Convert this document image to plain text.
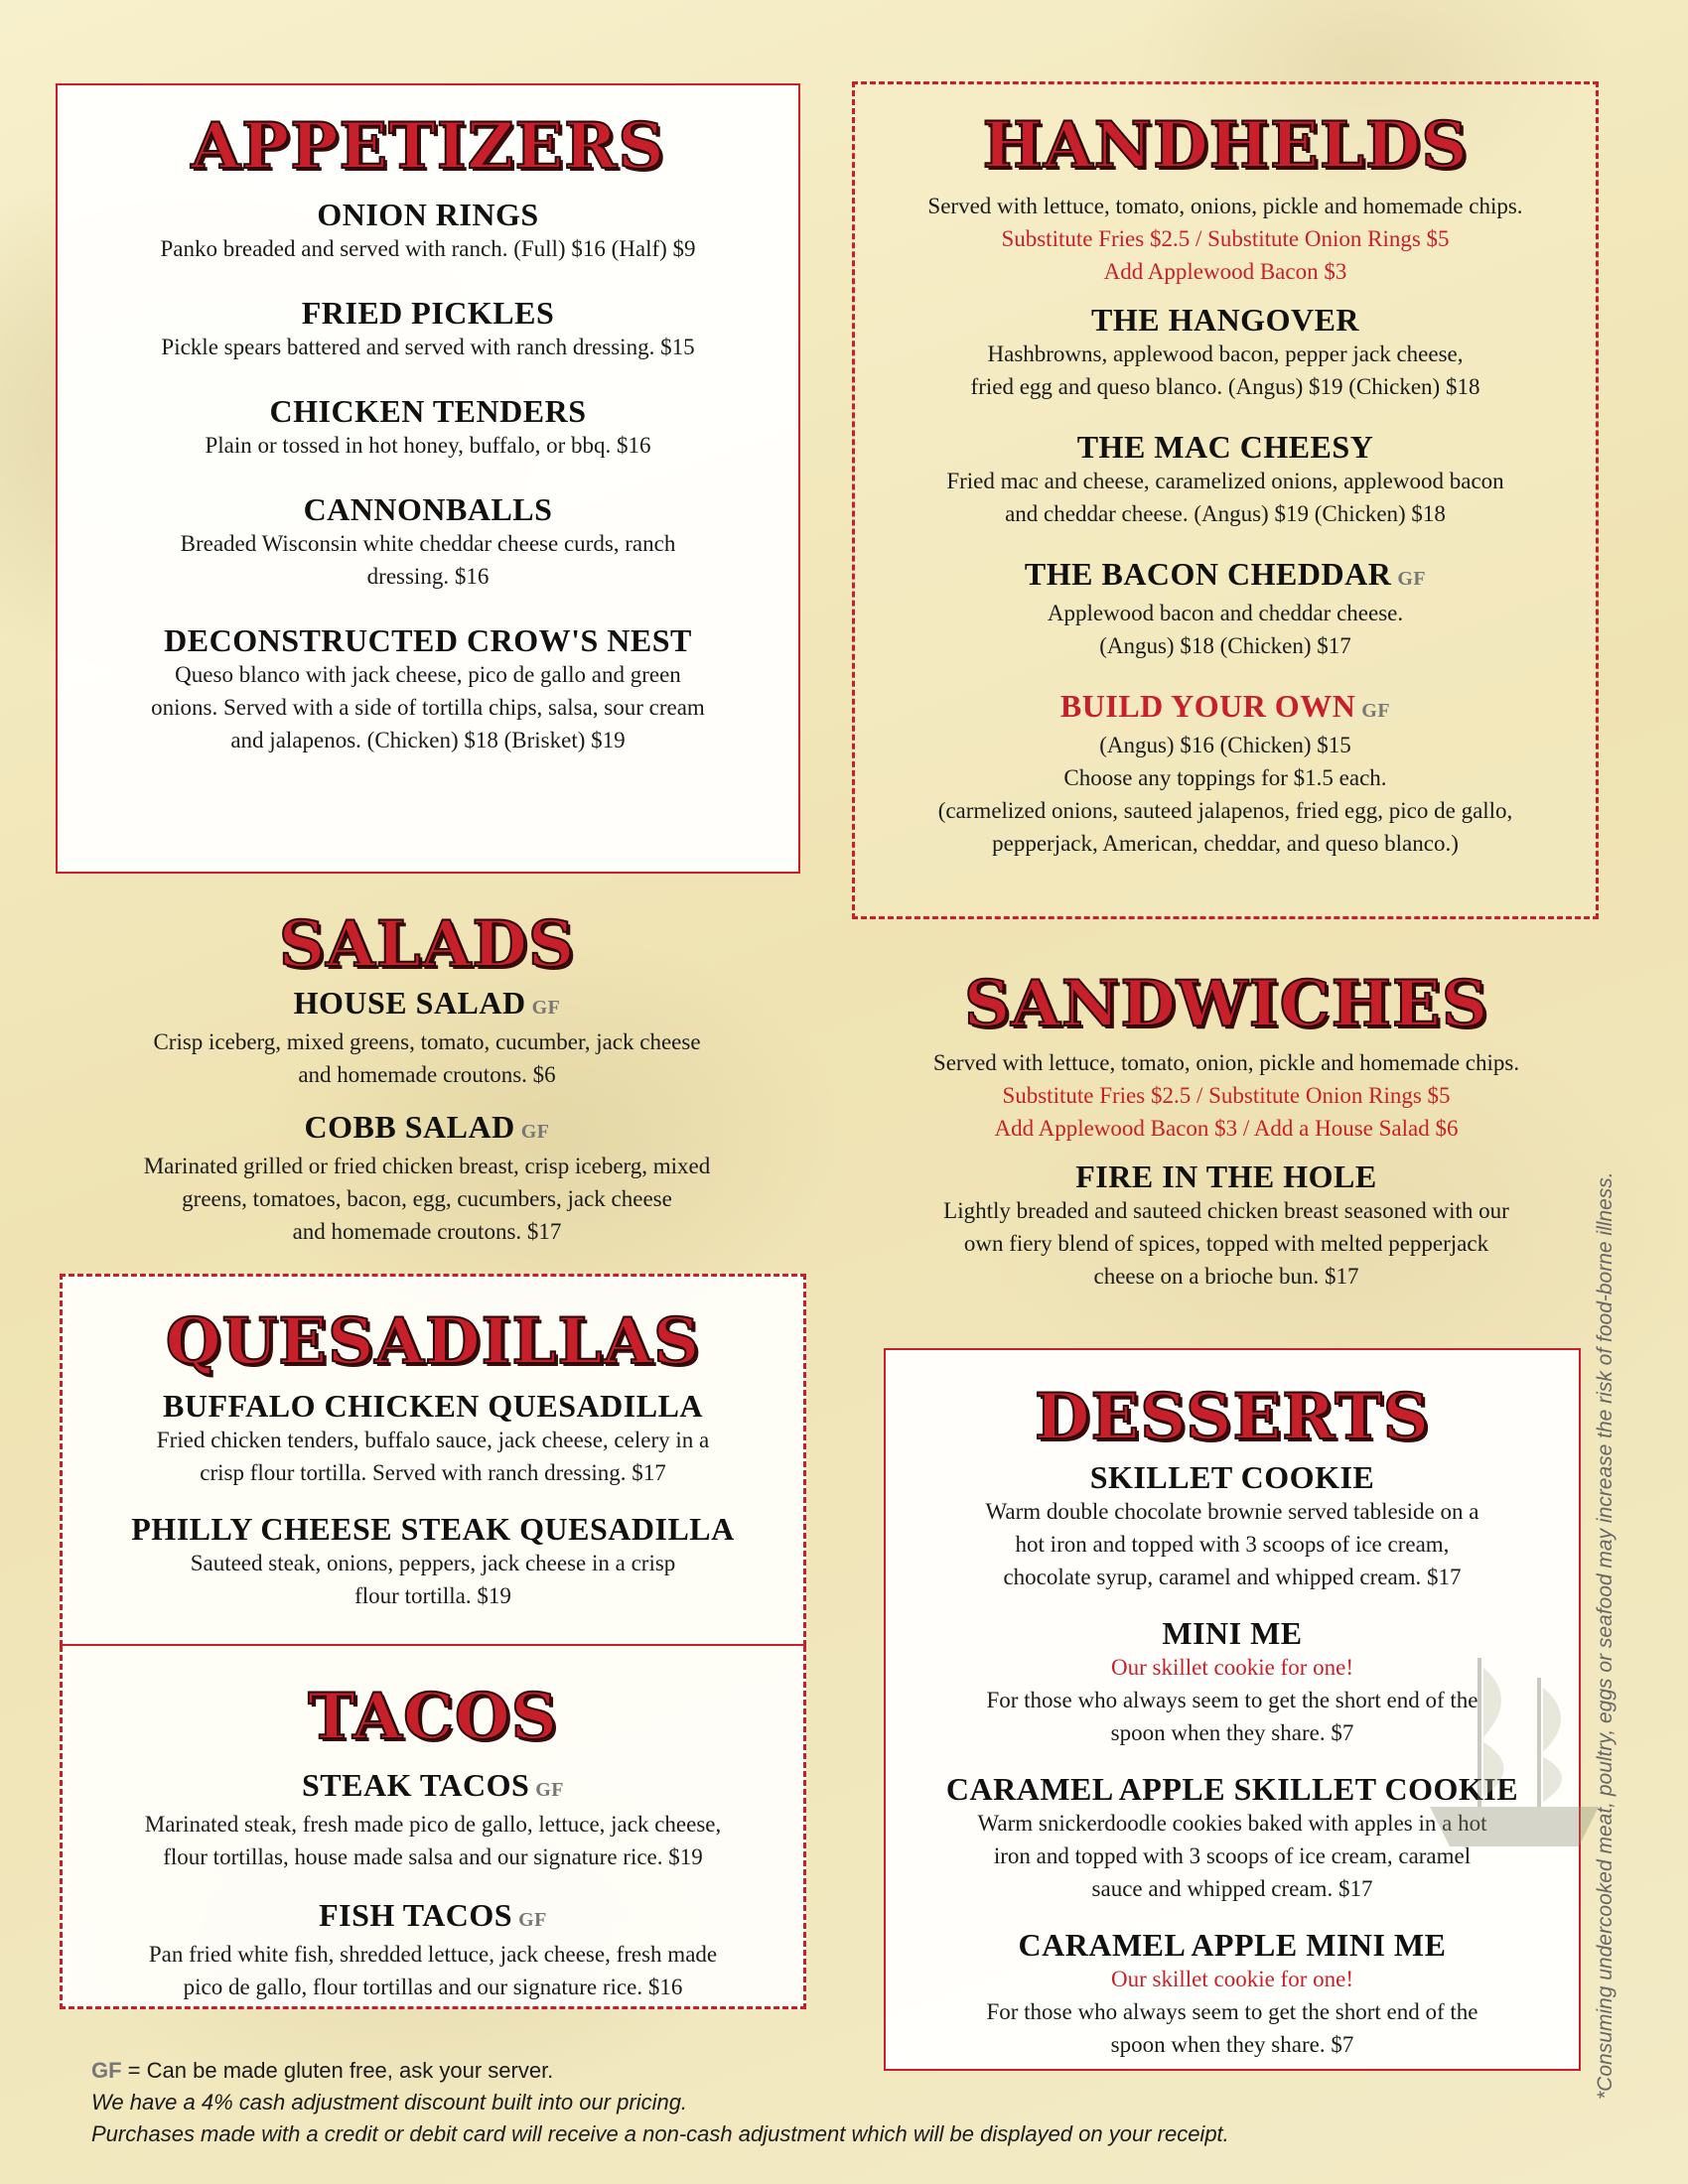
APPETIZERS
ONION RINGS
Panko breaded and served with ranch. (Full) $16 (Half) $9
FRIED PICKLES
Pickle spears battered and served with ranch dressing. $15
CHICKEN TENDERS
Plain or tossed in hot honey, buffalo, or bbq. $16
CANNONBALLS
Breaded Wisconsin white cheddar cheese curds, ranch
dressing. $16
DECONSTRUCTED CROW'S NEST
Queso blanco with jack cheese, pico de gallo and green
onions. Served with a side of tortilla chips, salsa, sour cream
and jalapenos. (Chicken) $18 (Brisket) $19
HANDHELDS
Served with lettuce, tomato, onions, pickle and homemade chips.
Substitute Fries $2.5 / Substitute Onion Rings $5
Add Applewood Bacon $3
THE HANGOVER
Hashbrowns, applewood bacon, pepper jack cheese,
fried egg and queso blanco. (Angus) $19 (Chicken) $18
THE MAC CHEESY
Fried mac and cheese, caramelized onions, applewood bacon
and cheddar cheese. (Angus) $19 (Chicken) $18
THE BACON CHEDDAR GF
Applewood bacon and cheddar cheese.
(Angus) $18 (Chicken) $17
BUILD YOUR OWN GF
(Angus) $16 (Chicken) $15
Choose any toppings for $1.5 each.
(carmelized onions, sauteed jalapenos, fried egg, pico de gallo,
pepperjack, American, cheddar, and queso blanco.)
SALADS
HOUSE SALAD GF
Crisp iceberg, mixed greens, tomato, cucumber, jack cheese
and homemade croutons. $6
COBB SALAD GF
Marinated grilled or fried chicken breast, crisp iceberg, mixed
greens, tomatoes, bacon, egg, cucumbers, jack cheese
and homemade croutons. $17
SANDWICHES
Served with lettuce, tomato, onion, pickle and homemade chips.
Substitute Fries $2.5 / Substitute Onion Rings $5
Add Applewood Bacon $3 / Add a House Salad $6
FIRE IN THE HOLE
Lightly breaded and sauteed chicken breast seasoned with our
own fiery blend of spices, topped with melted pepperjack
cheese on a brioche bun. $17
QUESADILLAS
BUFFALO CHICKEN QUESADILLA
Fried chicken tenders, buffalo sauce, jack cheese, celery in a
crisp flour tortilla. Served with ranch dressing. $17
PHILLY CHEESE STEAK QUESADILLA
Sauteed steak, onions, peppers, jack cheese in a crisp
flour tortilla. $19
TACOS
STEAK TACOS GF
Marinated steak, fresh made pico de gallo, lettuce, jack cheese,
flour tortillas, house made salsa and our signature rice. $19
FISH TACOS GF
Pan fried white fish, shredded lettuce, jack cheese, fresh made
pico de gallo, flour tortillas and our signature rice. $16
DESSERTS
SKILLET COOKIE
Warm double chocolate brownie served tableside on a
hot iron and topped with 3 scoops of ice cream,
chocolate syrup, caramel and whipped cream. $17
MINI ME
Our skillet cookie for one!
For those who always seem to get the short end of the
spoon when they share. $7
CARAMEL APPLE SKILLET COOKIE
Warm snickerdoodle cookies baked with apples in a hot
iron and topped with 3 scoops of ice cream, caramel
sauce and whipped cream. $17
CARAMEL APPLE MINI ME
Our skillet cookie for one!
For those who always seem to get the short end of the
spoon when they share. $7
GF = Can be made gluten free, ask your server.
We have a 4% cash adjustment discount built into our pricing.
Purchases made with a credit or debit card will receive a non-cash adjustment which will be displayed on your receipt.
*Consuming undercooked meat, poultry, eggs or seafood may increase the risk of food-borne illness.
